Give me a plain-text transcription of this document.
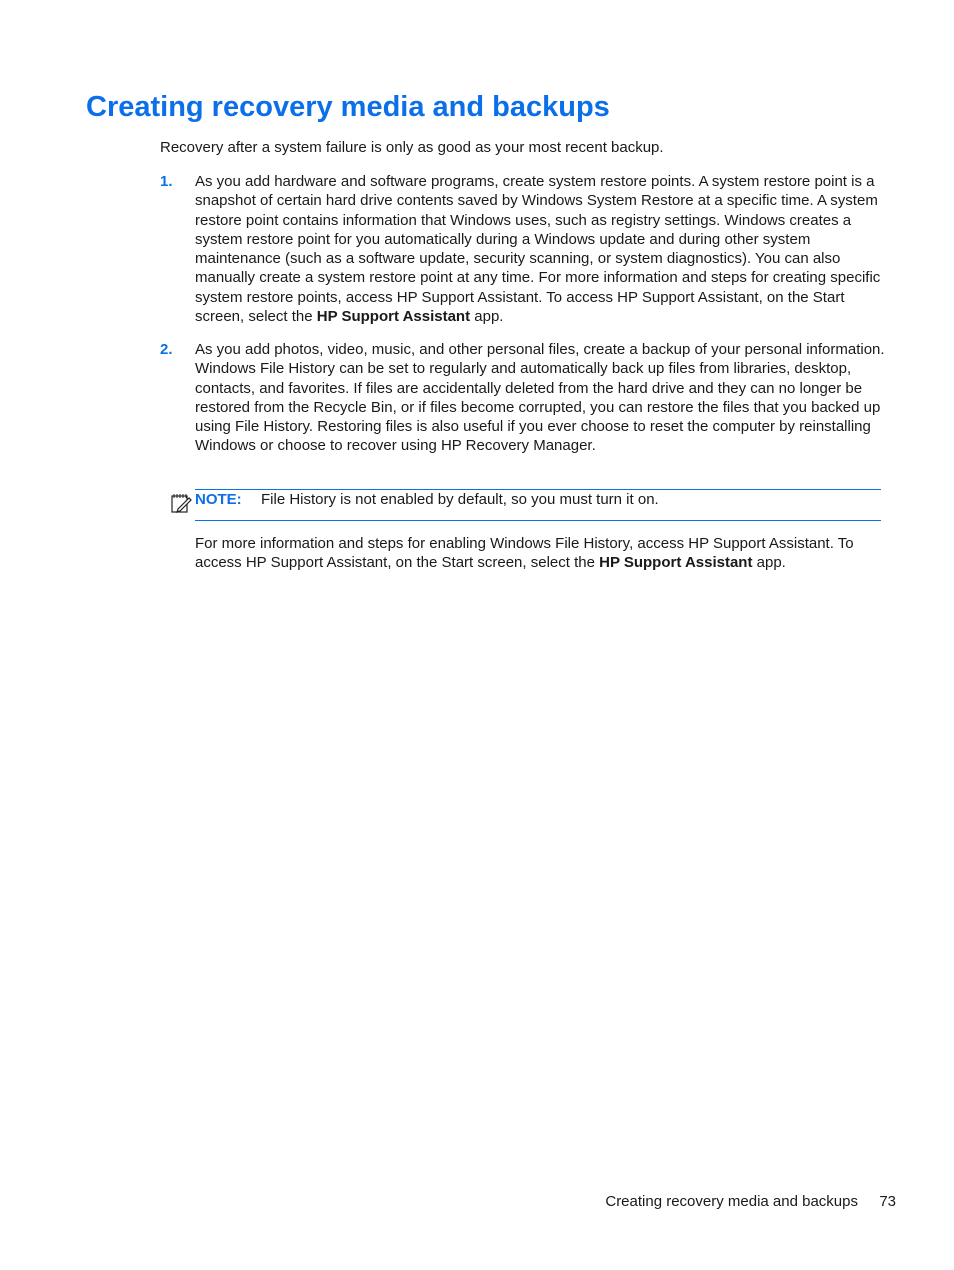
Creating recovery media and backups

Recovery after a system failure is only as good as your most recent backup.

1. As you add hardware and software programs, create system restore points. A system restore point is a snapshot of certain hard drive contents saved by Windows System Restore at a specific time. A system restore point contains information that Windows uses, such as registry settings. Windows creates a system restore point for you automatically during a Windows update and during other system maintenance (such as a software update, security scanning, or system diagnostics). You can also manually create a system restore point at any time. For more information and steps for creating specific system restore points, access HP Support Assistant. To access HP Support Assistant, on the Start screen, select the HP Support Assistant app.

2. As you add photos, video, music, and other personal files, create a backup of your personal information. Windows File History can be set to regularly and automatically back up files from libraries, desktop, contacts, and favorites. If files are accidentally deleted from the hard drive and they can no longer be restored from the Recycle Bin, or if files become corrupted, you can restore the files that you backed up using File History. Restoring files is also useful if you ever choose to reset the computer by reinstalling Windows or choose to recover using HP Recovery Manager.

NOTE: File History is not enabled by default, so you must turn it on.

For more information and steps for enabling Windows File History, access HP Support Assistant. To access HP Support Assistant, on the Start screen, select the HP Support Assistant app.

Creating recovery media and backups 73
